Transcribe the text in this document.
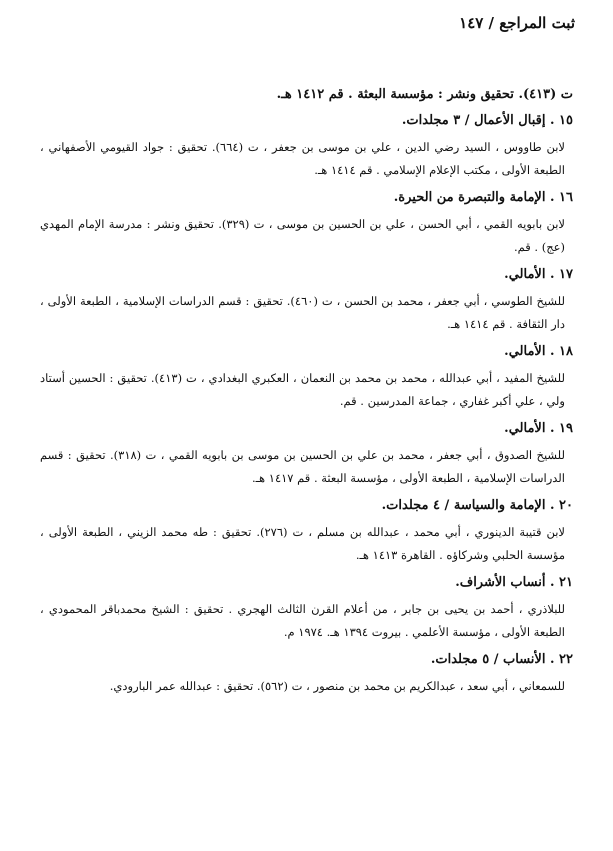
ثبت المراجع / ١٤٧
ت (٤١٣). تحقيق ونشر : مؤسسة البعثة . قم ١٤١٢ هـ.
١٥ . إقبال الأعمال / ٣ مجلدات.
لابن طاووس ، السيد رضي الدين ، علي بن موسى بن جعفر ، ت (٦٦٤). تحقيق : جواد القيومي الأصفهاني ، الطبعة الأولى ، مكتب الإعلام الإسلامي . قم ١٤١٤ هـ.
١٦ . الإمامة والتبصرة من الحيرة.
لابن بابويه القمي ، أبي الحسن ، علي بن الحسين بن موسى ، ت (٣٢٩). تحقيق ونشر : مدرسة الإمام المهدي (عج) . قم.
١٧ . الأمالي.
للشيخ الطوسي ، أبي جعفر ، محمد بن الحسن ، ت (٤٦٠). تحقيق : قسم الدراسات الإسلامية ، الطبعة الأولى ، دار الثقافة . قم ١٤١٤ هـ.
١٨ . الأمالي.
للشيخ المفيد ، أبي عبدالله ، محمد بن محمد بن النعمان ، العكبري البغدادي ، ت (٤١٣). تحقيق : الحسين أستاد ولي ، علي أكبر غفاري ، جماعة المدرسين . قم.
١٩ . الأمالي.
للشيخ الصدوق ، أبي جعفر ، محمد بن علي بن الحسين بن موسى بن بابويه القمي ، ت (٣١٨). تحقيق : قسم الدراسات الإسلامية ، الطبعة الأولى ، مؤسسة البعثة . قم ١٤١٧ هـ.
٢٠ . الإمامة والسياسة / ٤ مجلدات.
لابن قتيبة الدينوري ، أبي محمد ، عبدالله بن مسلم ، ت (٢٧٦). تحقيق : طه محمد الزيني ، الطبعة الأولى ، مؤسسة الحلبي وشركاؤه . القاهرة ١٤١٣ هـ.
٢١ . أنساب الأشراف.
للبلاذري ، أحمد بن يحيى بن جابر ، من أعلام القرن الثالث الهجري . تحقيق : الشيخ محمدباقر المحمودي ، الطبعة الأولى ، مؤسسة الأعلمي . بيروت ١٣٩٤ هـ. ١٩٧٤ م.
٢٢ . الأنساب / ٥ مجلدات.
للسمعاني ، أبي سعد ، عبدالكريم بن محمد بن منصور ، ت (٥٦٢). تحقيق : عبدالله عمر البارودي.
